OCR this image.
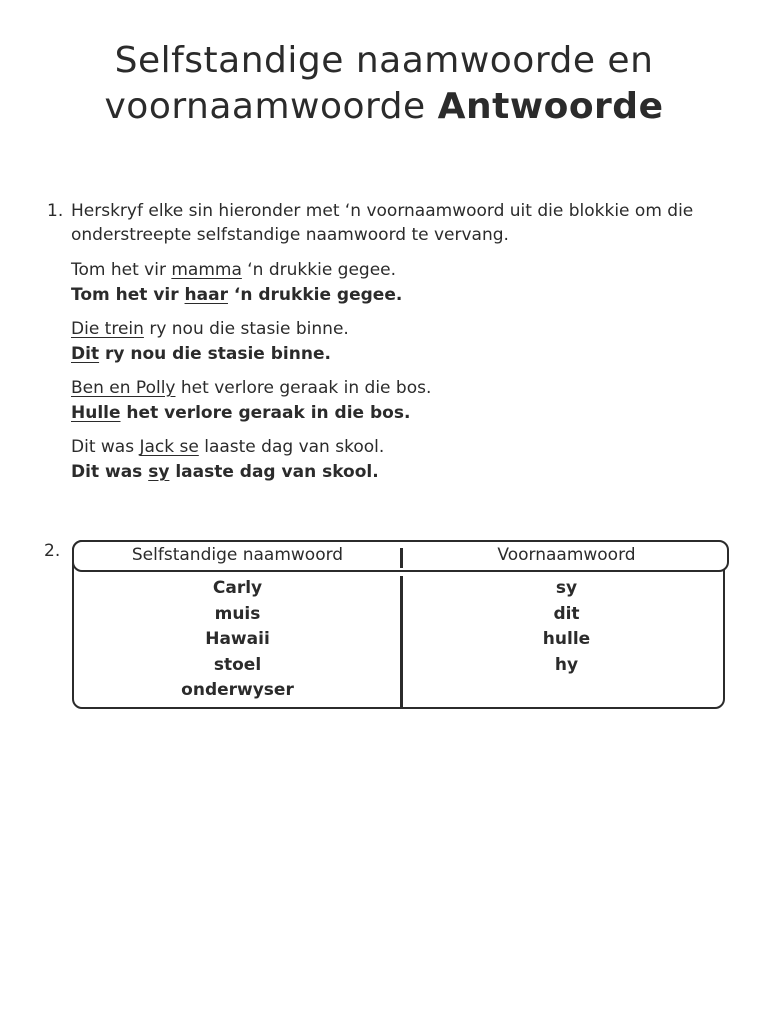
Selfstandige naamwoorde en
voornaamwoorde Antwoorde
1. Herskryf elke sin hieronder met ‘n voornaamwoord uit die blokkie om die onderstreepte selfstandige naamwoord te vervang.
Tom het vir mamma ‘n drukkie gegee.
Tom het vir haar ‘n drukkie gegee.
Die trein ry nou die stasie binne.
Dit ry nou die stasie binne.
Ben en Polly het verlore geraak in die bos.
Hulle het verlore geraak in die bos.
Dit was Jack se laaste dag van skool.
Dit was sy laaste dag van skool.
2.	Selfstandige naamwoord	Voornaamwoord
Carly
muis
Hawaii
stoel
onderwyser
sy
dit
hulle
hy
